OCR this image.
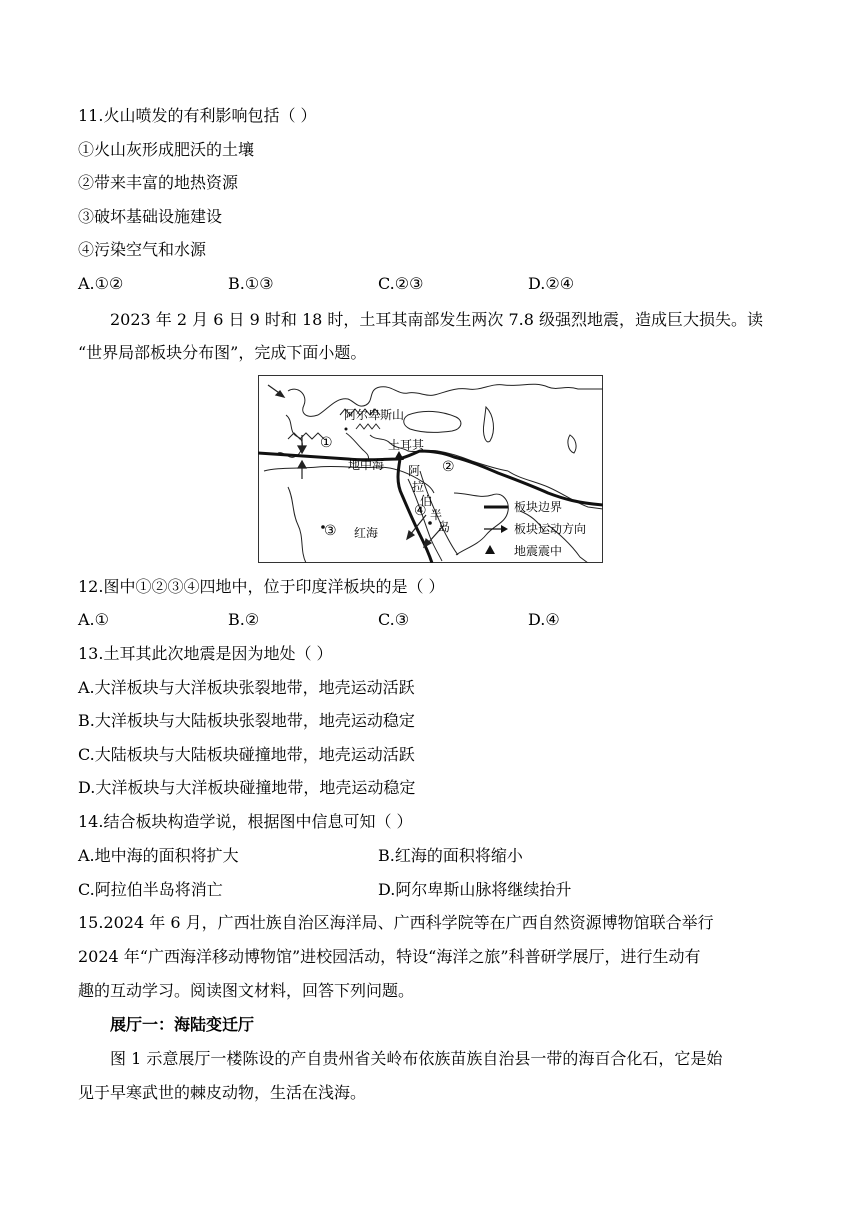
11.火山喷发的有利影响包括（ ）
①火山灰形成肥沃的土壤
②带来丰富的地热资源
③破坏基础设施建设
④污染空气和水源
A.①②	B.①③	C.②③	D.②④
2023 年 2 月 6 日 9 时和 18 时，土耳其南部发生两次 7.8 级强烈地震，造成巨大损失。读
“世界局部板块分布图”，完成下面小题。
阿尔卑斯山
土耳其
地中海
红海
①
②
③
④
阿
拉
伯
半
岛
板块边界
板块运动方向
地震震中
12.图中①②③④四地中，位于印度洋板块的是（ ）
A.①	B.②	C.③	D.④
13.土耳其此次地震是因为地处（ ）
A.大洋板块与大洋板块张裂地带，地壳运动活跃
B.大洋板块与大陆板块张裂地带，地壳运动稳定
C.大陆板块与大陆板块碰撞地带，地壳运动活跃
D.大洋板块与大洋板块碰撞地带，地壳运动稳定
14.结合板块构造学说，根据图中信息可知（ ）
A.地中海的面积将扩大	B.红海的面积将缩小
C.阿拉伯半岛将消亡	D.阿尔卑斯山脉将继续抬升
15.2024 年 6 月，广西壮族自治区海洋局、广西科学院等在广西自然资源博物馆联合举行
2024 年“广西海洋移动博物馆”进校园活动，特设“海洋之旅”科普研学展厅，进行生动有
趣的互动学习。阅读图文材料，回答下列问题。
展厅一：海陆变迁厅
图 1 示意展厅一楼陈设的产自贵州省关岭布依族苗族自治县一带的海百合化石，它是始
见于早寒武世的棘皮动物，生活在浅海。
